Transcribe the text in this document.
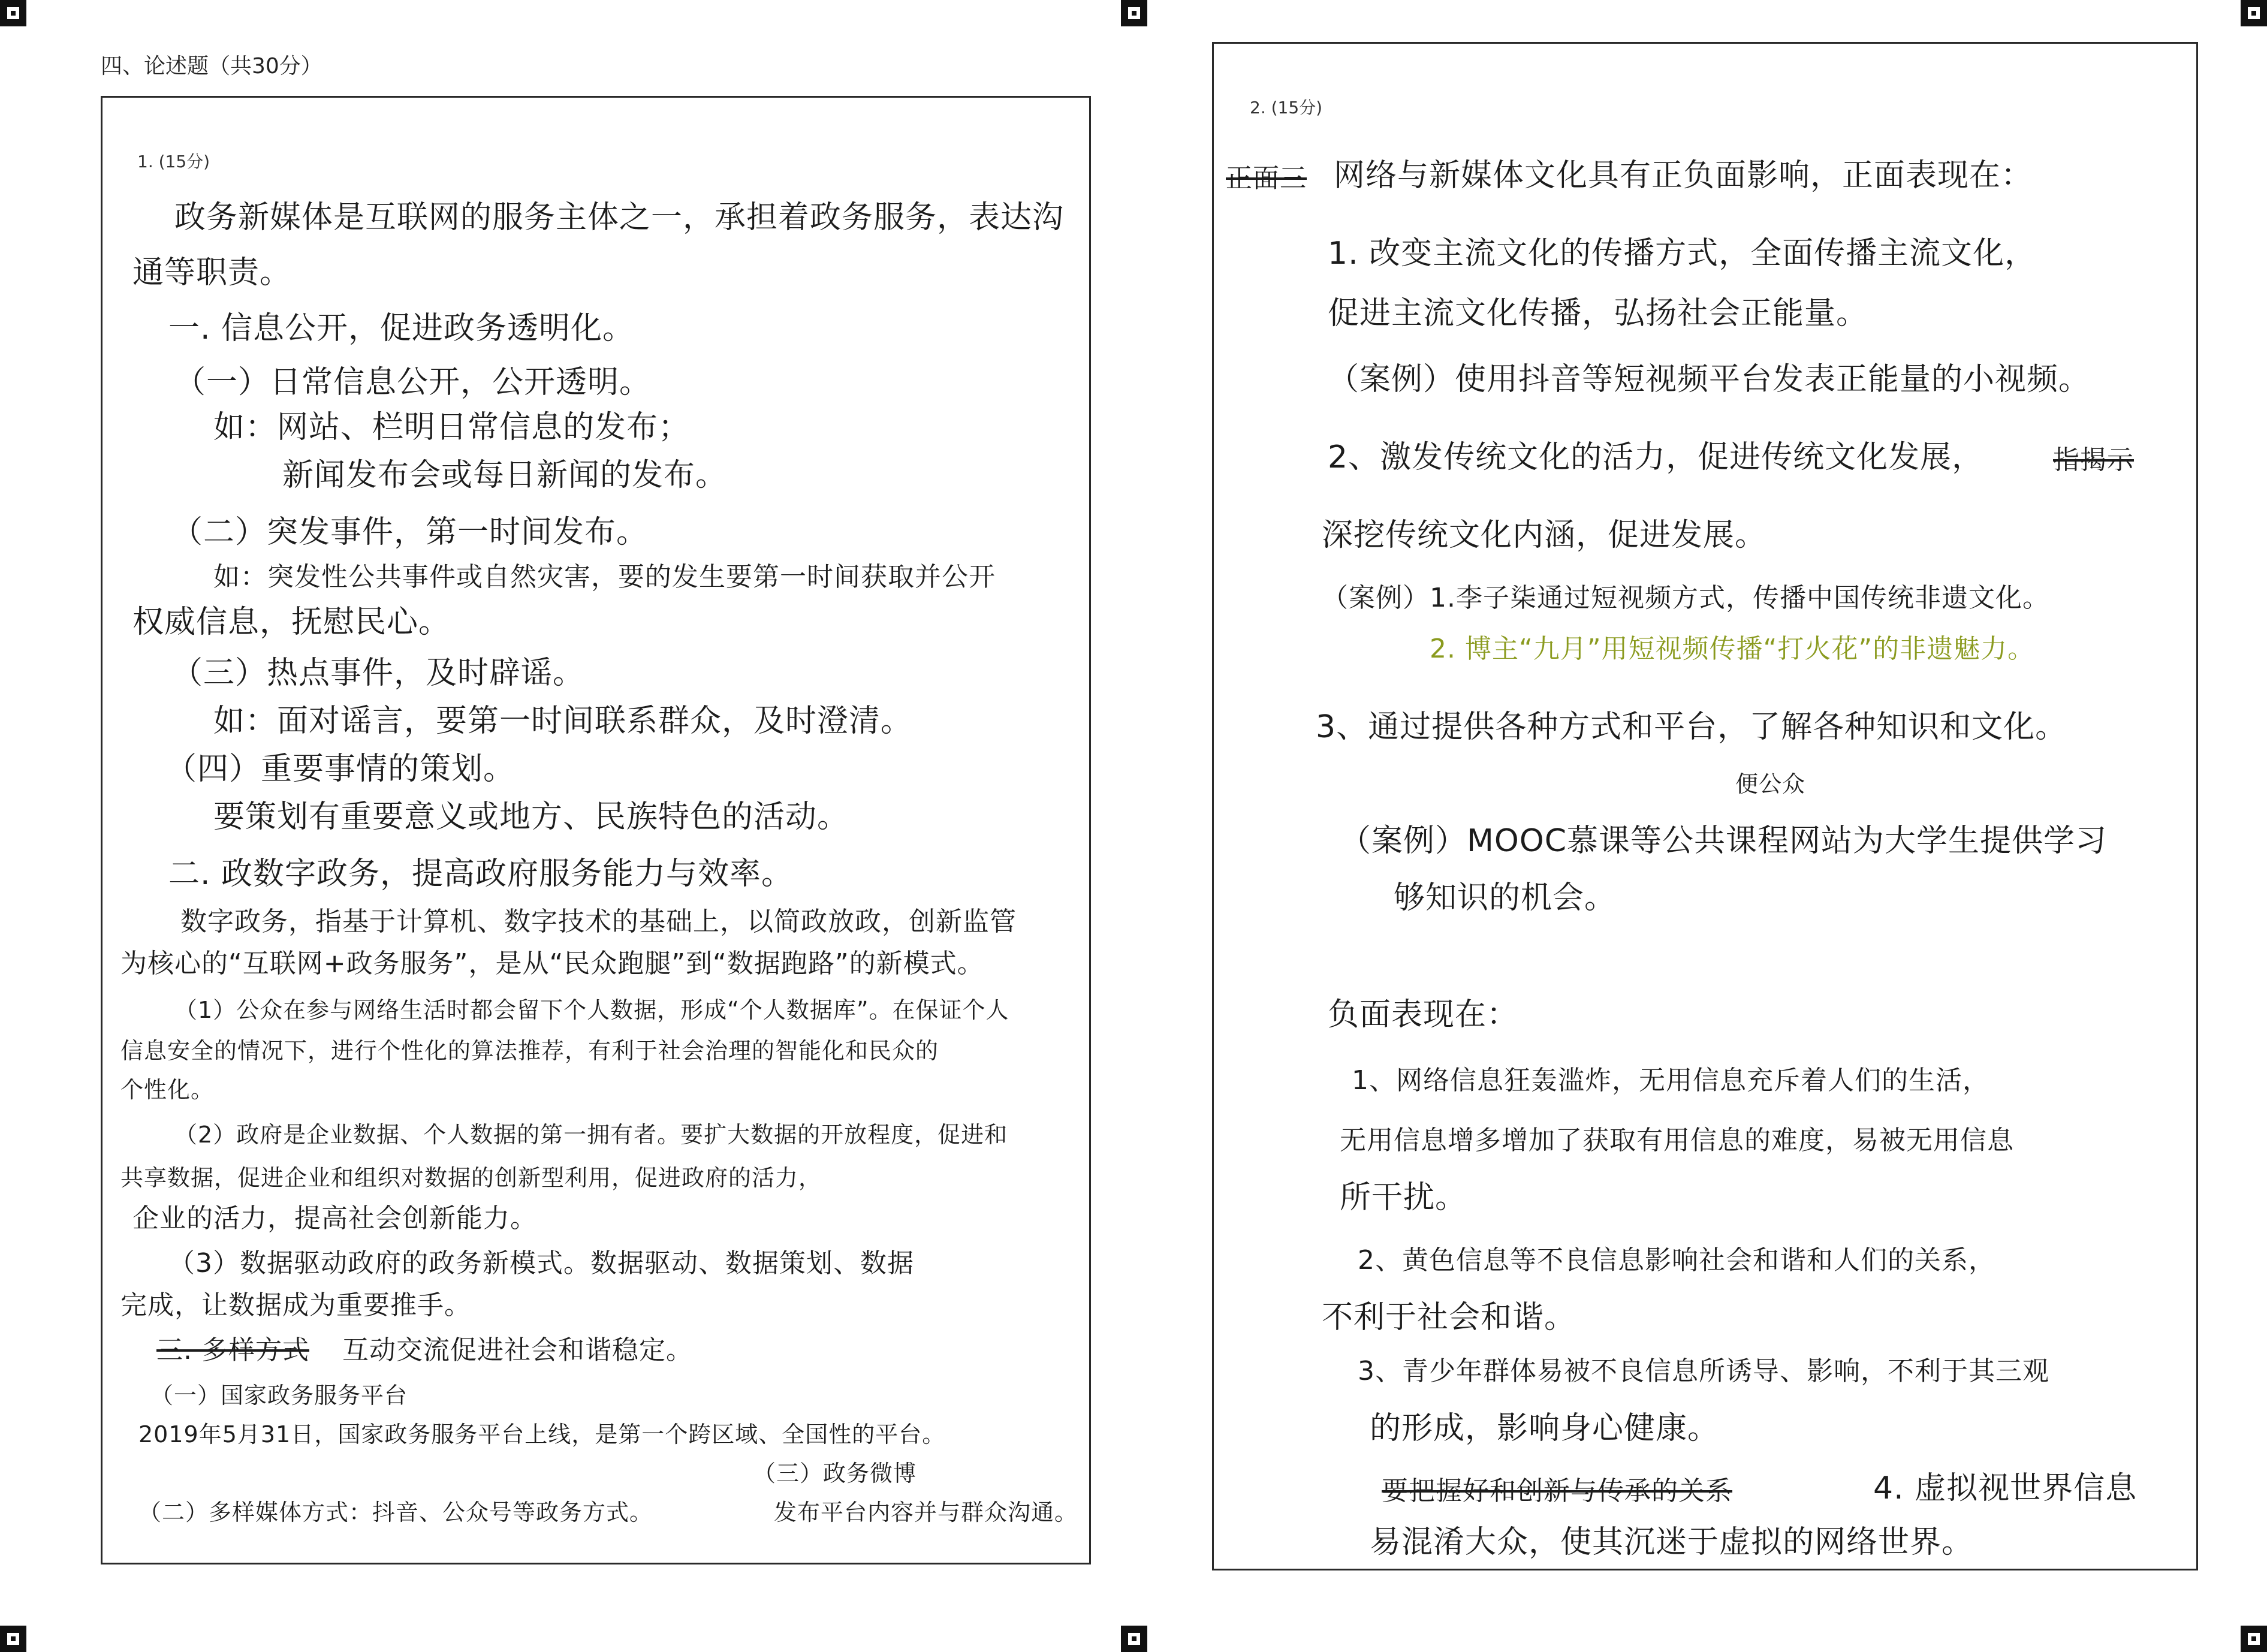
四、论述题（共30分）
1. (15分)
政务新媒体是互联网的服务主体之一，承担着政务服务，表达沟
通等职责。
一. 信息公开，促进政务透明化。
（一）日常信息公开，公开透明。
如：网站、栏明日常信息的发布；
新闻发布会或每日新闻的发布。
（二）突发事件，第一时间发布。
如：突发性公共事件或自然灾害，要的发生要第一时间获取并公开
权威信息，抚慰民心。
（三）热点事件，及时辟谣。
如：面对谣言，要第一时间联系群众，及时澄清。
（四）重要事情的策划。
要策划有重要意义或地方、民族特色的活动。
二. 政数字政务，提高政府服务能力与效率。
数字政务，指基于计算机、数字技术的基础上，以简政放政，创新监管
为核心的“互联网+政务服务”，是从“民众跑腿”到“数据跑路”的新模式。
（1）公众在参与网络生活时都会留下个人数据，形成“个人数据库”。在保证个人
信息安全的情况下，进行个性化的算法推荐，有利于社会治理的智能化和民众的
个性化。
（2）政府是企业数据、个人数据的第一拥有者。要扩大数据的开放程度，促进和
共享数据，促进企业和组织对数据的创新型利用，促进政府的活力，
企业的活力，提高社会创新能力。
（3）数据驱动政府的政务新模式。数据驱动、数据策划、数据
完成，让数据成为重要推手。
三. 多样方式 互动交流促进社会和谐稳定。
（一）国家政务服务平台
2019年5月31日，国家政务服务平台上线，是第一个跨区域、全国性的平台。
（三）政务微博
（二）多样媒体方式：抖音、公众号等政务方式。	发布平台内容并与群众沟通。
2. (15分)
正面三 网络与新媒体文化具有正负面影响，正面表现在：
1. 改变主流文化的传播方式，全面传播主流文化，
促进主流文化传播，弘扬社会正能量。
（案例）使用抖音等短视频平台发表正能量的小视频。
2、激发传统文化的活力，促进传统文化发展，	指揭示
深挖传统文化内涵，促进发展。
（案例）1.李子柒通过短视频方式，传播中国传统非遗文化。
2. 博主“九月”用短视频传播“打火花”的非遗魅力。
3、通过提供各种方式和平台，了解各种知识和文化。
便公众
（案例）MOOC慕课等公共课程网站为大学生提供学习
够知识的机会。
负面表现在：
1、网络信息狂轰滥炸，无用信息充斥着人们的生活，
无用信息增多增加了获取有用信息的难度，易被无用信息
所干扰。
2、黄色信息等不良信息影响社会和谐和人们的关系，
不利于社会和谐。
3、青少年群体易被不良信息所诱导、影响，不利于其三观
的形成，影响身心健康。
要把握好和创新与传承的关系	4. 虚拟视世界信息
易混淆大众，使其沉迷于虚拟的网络世界。
